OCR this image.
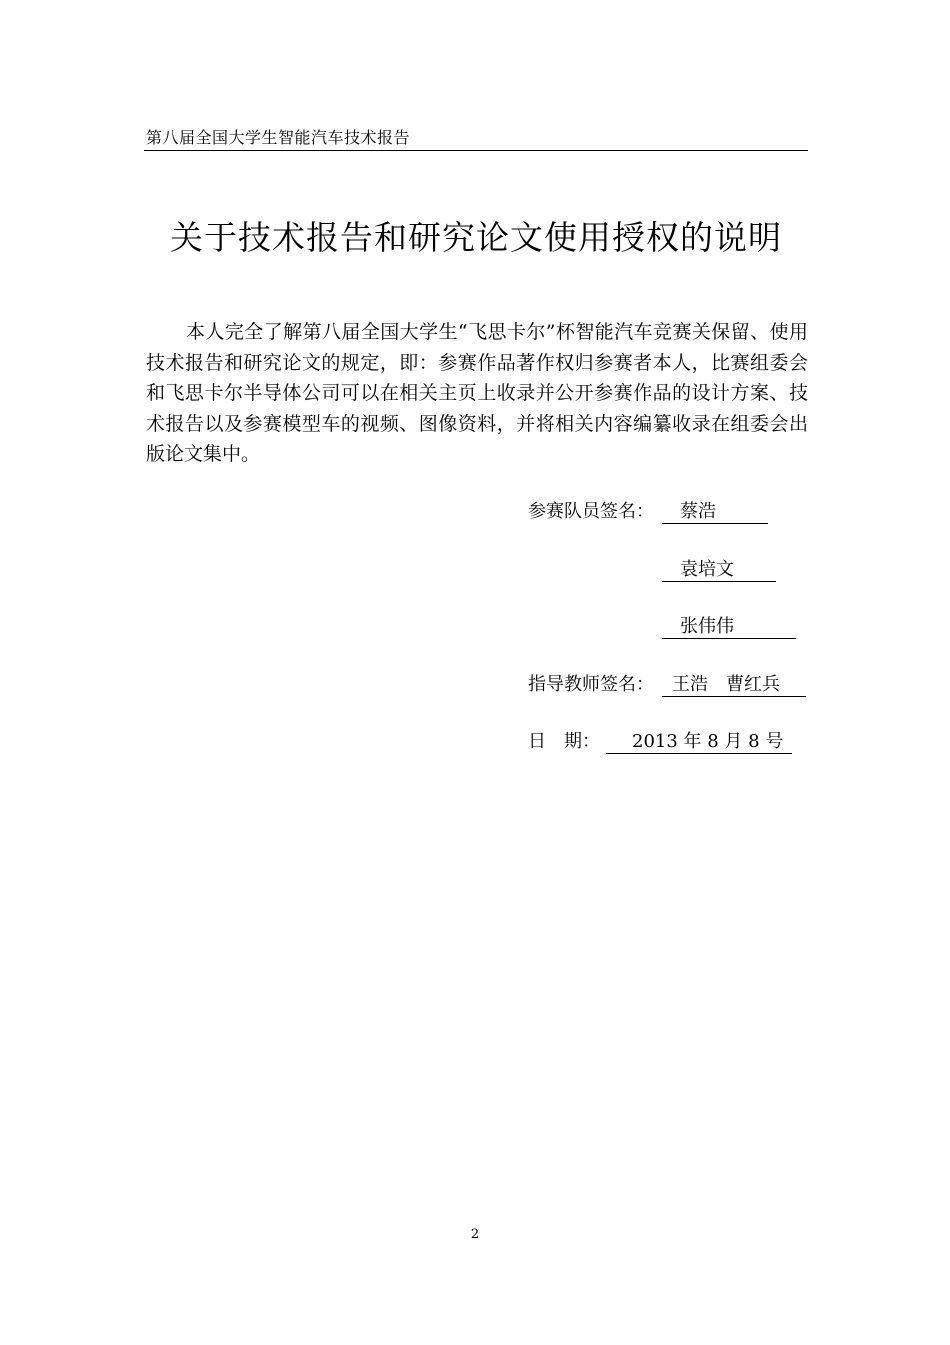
第八届全国大学生智能汽车技术报告
关于技术报告和研究论文使用授权的说明

本人完全了解第八届全国大学生“飞思卡尔”杯智能汽车竞赛关保留、使用技术报告和研究论文的规定，即：参赛作品著作权归参赛者本人，比赛组委会和飞思卡尔半导体公司可以在相关主页上收录并公开参赛作品的设计方案、技术报告以及参赛模型车的视频、图像资料，并将相关内容编纂收录在组委会出版论文集中。

参赛队员签名：	蔡浩
袁培文
张伟伟
指导教师签名：	王浩　曹红兵
日　期：	2013 年 8 月 8 号
2
